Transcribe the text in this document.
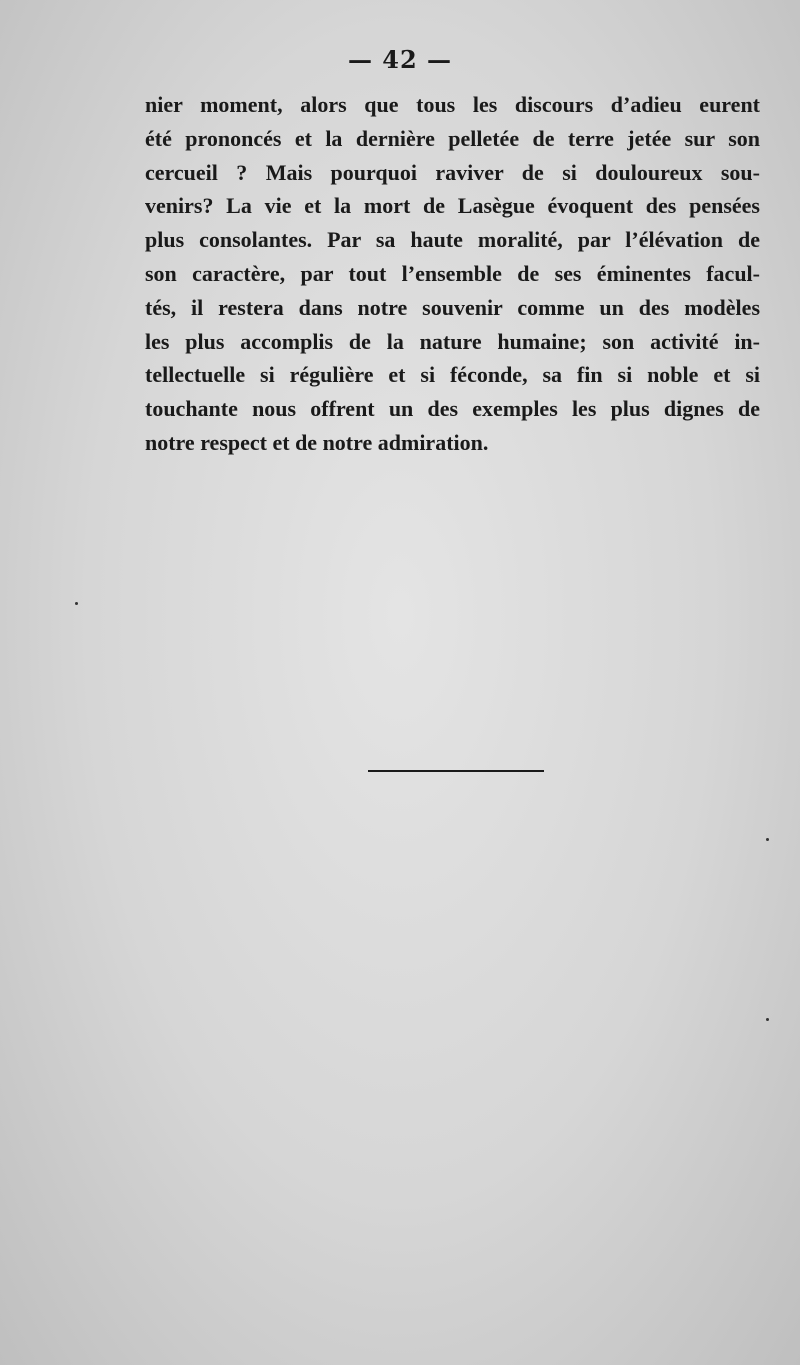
— 42 —
nier moment, alors que tous les discours d’adieu eurent
été prononcés et la dernière pelletée de terre jetée sur son
cercueil ? Mais pourquoi raviver de si douloureux sou-
venirs? La vie et la mort de Lasègue évoquent des pensées
plus consolantes. Par sa haute moralité, par l’élévation de
son caractère, par tout l’ensemble de ses éminentes facul-
tés, il restera dans notre souvenir comme un des modèles
les plus accomplis de la nature humaine; son activité in-
tellectuelle si régulière et si féconde, sa fin si noble et si
touchante nous offrent un des exemples les plus dignes de
notre respect et de notre admiration.
